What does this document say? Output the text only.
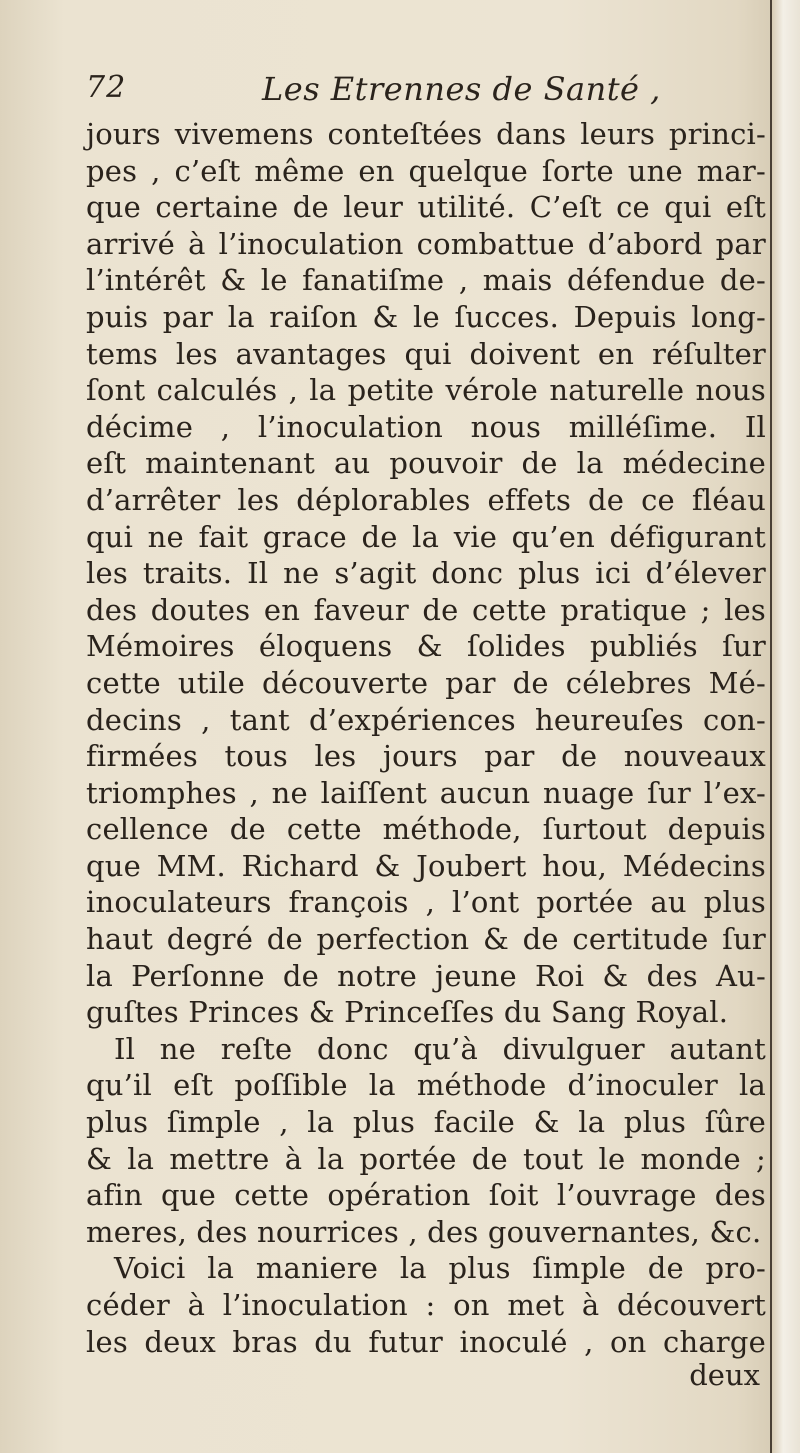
72	Les Etrennes de Santé ,
jours vivemens conteſtées dans leurs princi-
pes , c’eſt même en quelque ſorte une mar-
que certaine de leur utilité. C’eſt ce qui eſt
arrivé à l’inoculation combattue d’abord par
l’intérêt & le fanatiſme , mais défendue de-
puis par la raiſon & le ſucces. Depuis long-
tems les avantages qui doivent en réſulter
ſont calculés , la petite vérole naturelle nous
décime , l’inoculation nous milléſime. Il
eſt maintenant au pouvoir de la médecine
d’arrêter les déplorables effets de ce fléau
qui ne fait grace de la vie qu’en défigurant
les traits. Il ne s’agit donc plus ici d’élever
des doutes en faveur de cette pratique ; les
Mémoires éloquens & ſolides publiés ſur
cette utile découverte par de célebres Mé-
decins , tant d’expériences heureuſes con-
firmées tous les jours par de nouveaux
triomphes , ne laiſſent aucun nuage ſur l’ex-
cellence de cette méthode, ſurtout depuis
que MM. Richard & Joubert hou, Médecins
inoculateurs françois , l’ont portée au plus
haut degré de perfection & de certitude ſur
la Perſonne de notre jeune Roi & des Au-
guſtes Princes & Princeſſes du Sang Royal.
Il ne reſte donc qu’à divulguer autant
qu’il eſt poſſible la méthode d’inoculer la
plus ſimple , la plus facile & la plus ſûre
& la mettre à la portée de tout le monde ;
afin que cette opération ſoit l’ouvrage des
meres, des nourrices , des gouvernantes, &c.
Voici la maniere la plus ſimple de pro-
céder à l’inoculation : on met à découvert
les deux bras du futur inoculé , on charge
deux
